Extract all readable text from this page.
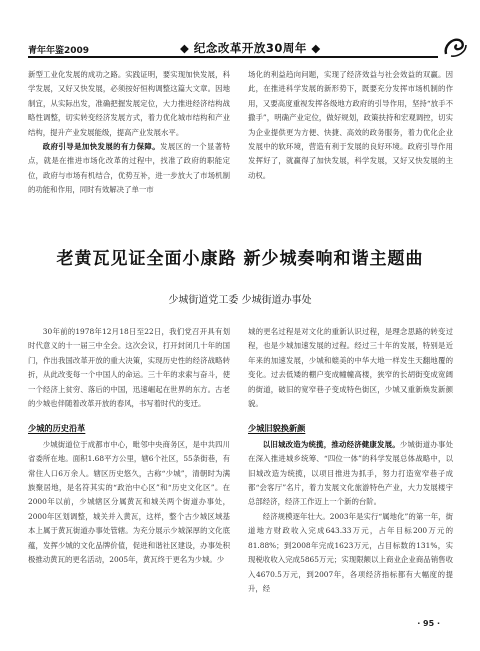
青年年鉴2009	◆ 纪念改革开放30周年 ◆

新型工业化发展的成功之路。实践证明，要实现加快发展，科学发展，又好又快发展，必须按好恒构调整这篇大文章。因地制宜，从实际出发，准确把握发展定位，大力推进经济结构战略性调整，切实转变经济发展方式，着力优化城市结构和产业结构，提升产业发展能级，提高产业发展水平。

政府引导是加快发展的有力保障。发展区的一个显著特点，就是在推进市场化改革的过程中，找准了政府的职能定位，政府与市场有机结合，优势互补，进一步放大了市场机制的功能和作用，同时有效解决了单一市

场化的利益趋向问题，实现了经济效益与社会效益的双赢。因此，在推进科学发展的新形势下，既要充分发挥市场机制的作用，又要高度重视发挥各级地方政府的引导作用，坚持“放手不撒手”，明确产业定位，做好规划，政策扶持和宏观调控，切实为企业提供更为方便、快捷、高效的政务服务，着力优化企业发展中的软环境，营造有利于发展的良好环境。政府引导作用发挥好了，就赢得了加快发展，科学发展，又好又快发展的主动权。

老黄瓦见证全面小康路 新少城奏响和谐主题曲
少城街道党工委 少城街道办事处

30年前的1978年12月18日至22日，我们党召开具有划时代意义的十一届三中全会。这次会议，打开封闭几十年的国门，作出我国改革开放的重大决策，实现历史性的经济战略转折，从此改变每一个中国人的命运。三十年的求索与奋斗，使一个经济上贫穷、落后的中国，迅速崛起在世界的东方。古老的少城也伴随着改革开放的春风，书写着时代的变迁。

少城的历史沿革

少城街道位于成都市中心，毗邻中央商务区，是中共四川省委所在地。面积1.68平方公里，辖6个社区，55条街巷，有常住人口6万余人。辖区历史悠久，古称“少城”，清朝时为满族聚居地，是名符其实的“政治中心区”和“历史文化区”。在2000年以前，少城辖区分属黄瓦和城关两个街道办事处，2000年区划调整，城关并入黄瓦，这样，整个古少城区域基本上属于黄瓦街道办事处管辖。为充分展示少城深厚的文化底蕴，发挥少城的文化品牌价值，促进和谐社区建设，办事处积极推动黄瓦的更名活动，2005年，黄瓦终于更名为少城。少

城的更名过程是对文化的重新认识过程，是理念思路的转变过程，也是少城加速发展的过程。经过三十年的发展，特别是近年来的加速发展，少城和媲美的中华大地一样发生天翻地覆的变化。过去低矮的棚户变成幢幢高楼，狭窄的长胡街变成宽阔的街道，破旧的宽窄巷子变成特色街区，少城又重新焕发新颜貌。

少城旧貌换新颜

以旧城改造为统揽，推动经济健康发展。少城街道办事处在深入推进城乡统筹、“四位一体”的科学发展总体战略中，以旧城改造为统揽，以项目推进为抓手，努力打造宽窄巷子成都“会客厅”名片，着力发展文化旅游特色产业，大力发展楼宇总部经济，经济工作迈上一个新的台阶。

经济规模逐年壮大。2003年是实行“属地化”的第一年，街道地方财政收入完成643.33万元，占年目标200万元的81.88%；到2008年完成1623万元，占目标数的131%，实现税收收入完成5865万元；实现限额以上商业企业商品销售收入4670.5万元，到2007年，各项经济指标都有大幅度的提升，经

· 95 ·
